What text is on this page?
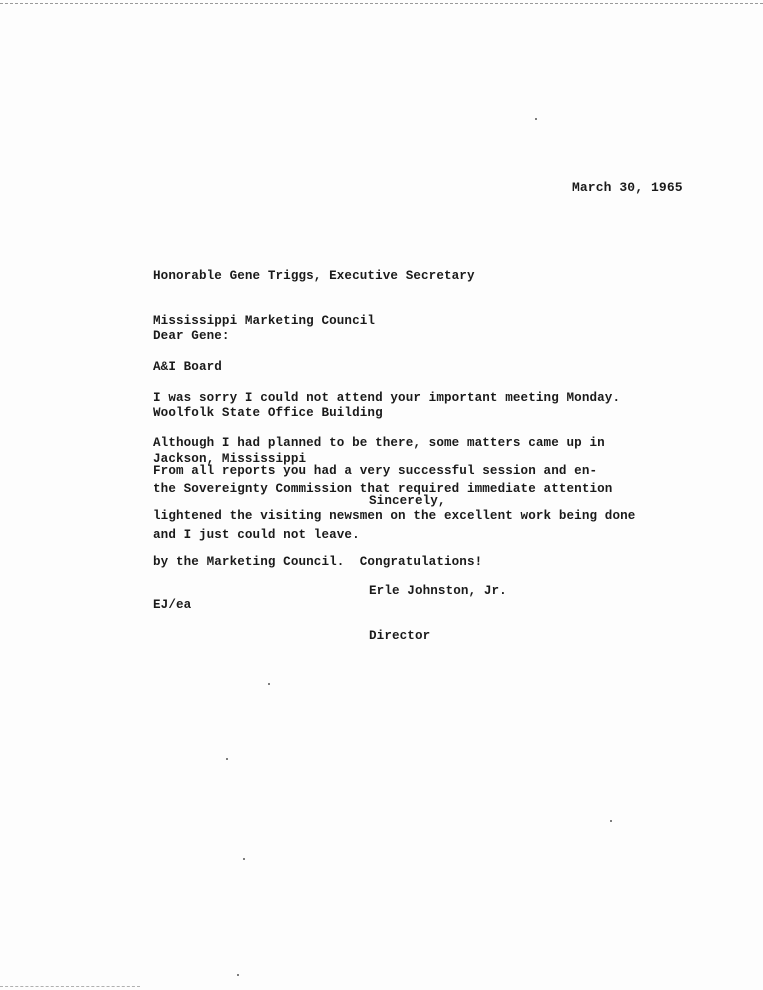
March 30, 1965

Honorable Gene Triggs, Executive Secretary

Mississippi Marketing Council

A&I Board

Woolfolk State Office Building

Jackson, Mississippi

Dear Gene:

I was sorry I could not attend your important meeting Monday.

Although I had planned to be there, some matters came up in

the Sovereignty Commission that required immediate attention

and I just could not leave.

From all reports you had a very successful session and en-

lightened the visiting newsmen on the excellent work being done

by the Marketing Council.  Congratulations!

Sincerely,

Erle Johnston, Jr.

Director

EJ/ea
